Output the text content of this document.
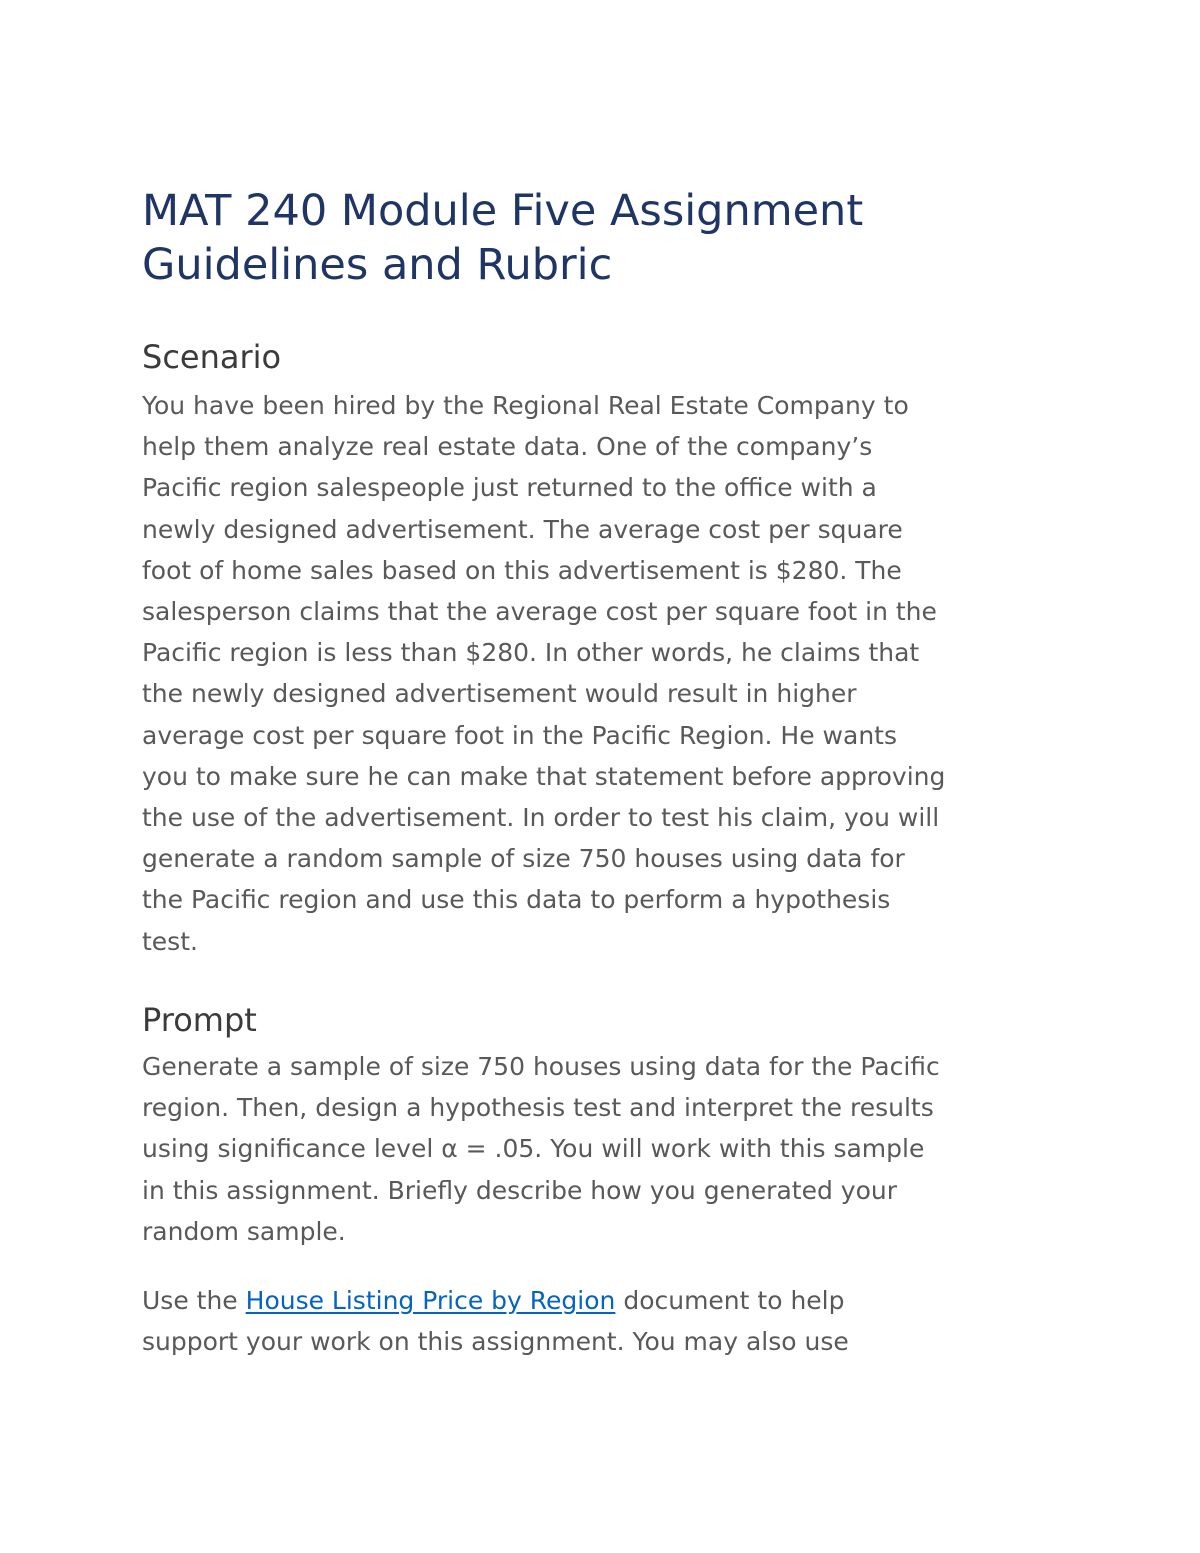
MAT 240 Module Five Assignment
Guidelines and Rubric
Scenario
You have been hired by the Regional Real Estate Company to
help them analyze real estate data. One of the company’s
Pacific region salespeople just returned to the office with a
newly designed advertisement. The average cost per square
foot of home sales based on this advertisement is $280. The
salesperson claims that the average cost per square foot in the
Pacific region is less than $280. In other words, he claims that
the newly designed advertisement would result in higher
average cost per square foot in the Pacific Region. He wants
you to make sure he can make that statement before approving
the use of the advertisement. In order to test his claim, you will
generate a random sample of size 750 houses using data for
the Pacific region and use this data to perform a hypothesis
test.
Prompt
Generate a sample of size 750 houses using data for the Pacific
region. Then, design a hypothesis test and interpret the results
using significance level α = .05. You will work with this sample
in this assignment. Briefly describe how you generated your
random sample.
Use the House Listing Price by Region document to help
support your work on this assignment. You may also use
